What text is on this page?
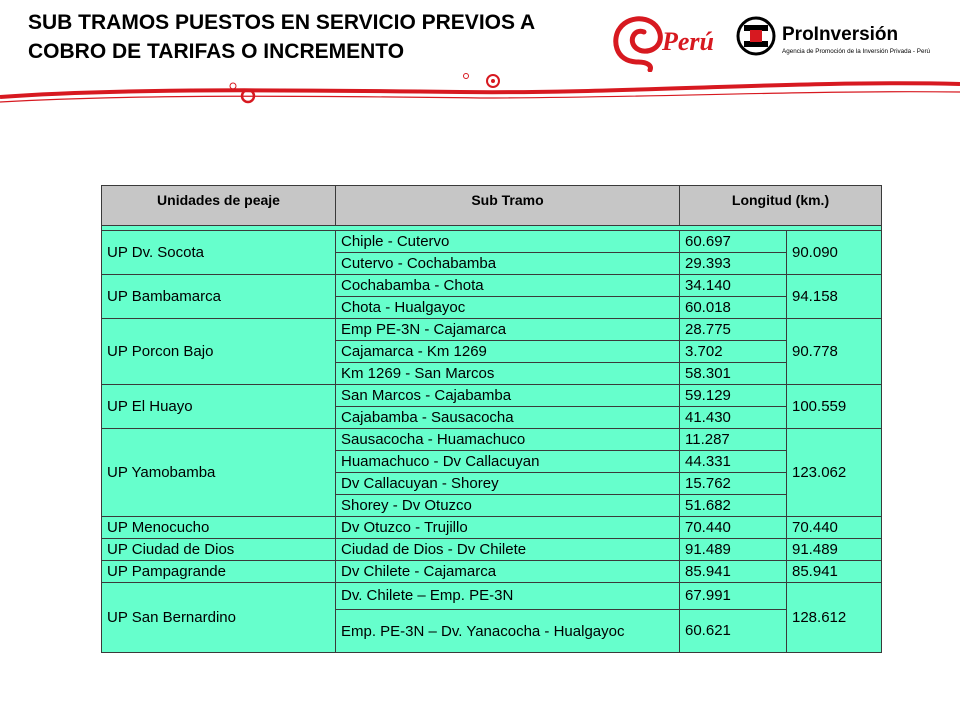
SUB TRAMOS PUESTOS EN SERVICIO PREVIOS A
COBRO DE TARIFAS O INCREMENTO	Perú	ProInversión
Agencia de Promoción de la Inversión Privada - Perú
Unidades de peaje	Sub Tramo	Longitud (km.)	

UP Dv. Socota	Chiple - Cutervo	60.697	90.090
	Cutervo - Cochabamba	29.393	
UP Bambamarca	Cochabamba - Chota	34.140	94.158
	Chota - Hualgayoc	60.018	
UP Porcon Bajo	Emp PE-3N - Cajamarca	28.775	90.778
	Cajamarca - Km 1269	3.702	
	Km 1269 - San Marcos	58.301	
UP El Huayo	San Marcos - Cajabamba	59.129	100.559
	Cajabamba - Sausacocha	41.430	
UP Yamobamba	Sausacocha - Huamachuco	11.287	123.062
	Huamachuco - Dv Callacuyan	44.331	
	Dv Callacuyan - Shorey	15.762	
	Shorey - Dv Otuzco	51.682	
UP Menocucho	Dv Otuzco - Trujillo	70.440	70.440
UP Ciudad de Dios	Ciudad de Dios - Dv Chilete	91.489	91.489
UP Pampagrande	Dv Chilete - Cajamarca	85.941	85.941
UP San Bernardino	Dv. Chilete – Emp. PE-3N	67.991	128.612
	Emp. PE-3N – Dv. Yanacocha - Hualgayoc	60.621	
